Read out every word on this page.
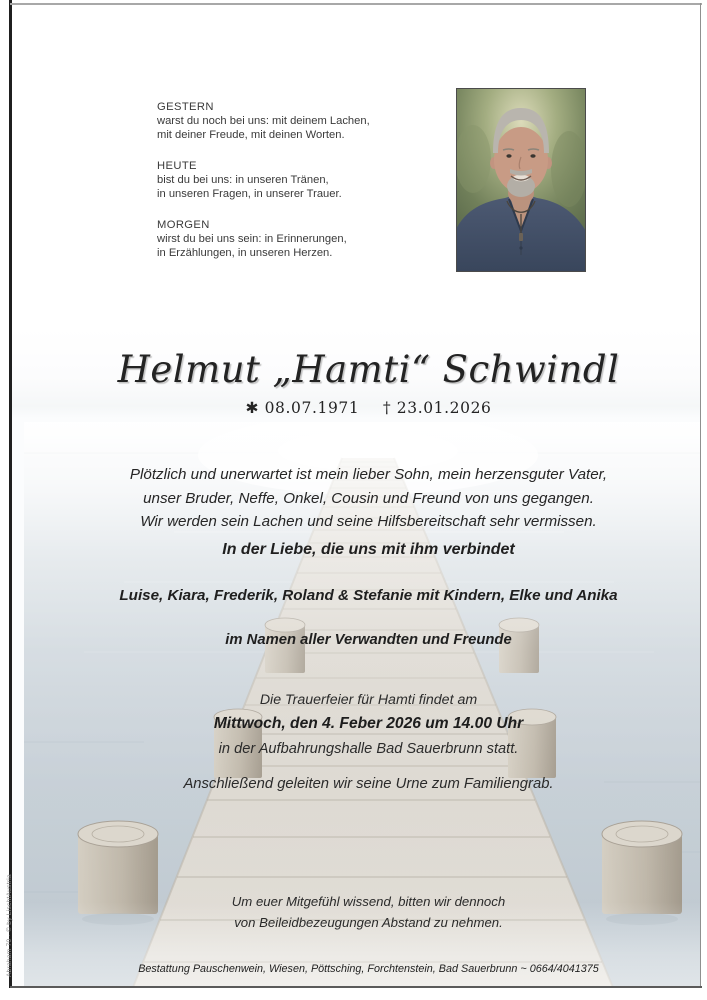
GESTERN
warst du noch bei uns: mit deinem Lachen,
mit deiner Freude, mit deinen Worten.
HEUTE
bist du bei uns: in unseren Tränen,
in unseren Fragen, in unserer Trauer.
MORGEN
wirst du bei uns sein: in Erinnerungen,
in Erzählungen, in unseren Herzen.
Helmut „Hamti“ Schwindl
✱ 08.07.1971 † 23.01.2026
Plötzlich und unerwartet ist mein lieber Sohn, mein herzensguter Vater,
unser Bruder, Neffe, Onkel, Cousin und Freund von uns gegangen.
Wir werden sein Lachen und seine Hilfsbereitschaft sehr vermissen.
In der Liebe, die uns mit ihm verbindet
Luise, Kiara, Frederik, Roland & Stefanie mit Kindern, Elke und Anika
im Namen aller Verwandten und Freunde
Die Trauerfeier für Hamti findet am
Mittwoch, den 4. Feber 2026 um 14.00 Uhr
in der Aufbahrungshalle Bad Sauerbrunn statt.
Anschließend geleiten wir seine Urne zum Familiengrab.
Um euer Mitgefühl wissend, bitten wir dennoch
von Beileidbezeugungen Abstand zu nehmen.
Bestattung Pauschenwein, Wiesen, Pöttsching, Forchtenstein, Bad Sauerbrunn ~ 0664/4041375
Abraham 70 · © by LischtAustria
